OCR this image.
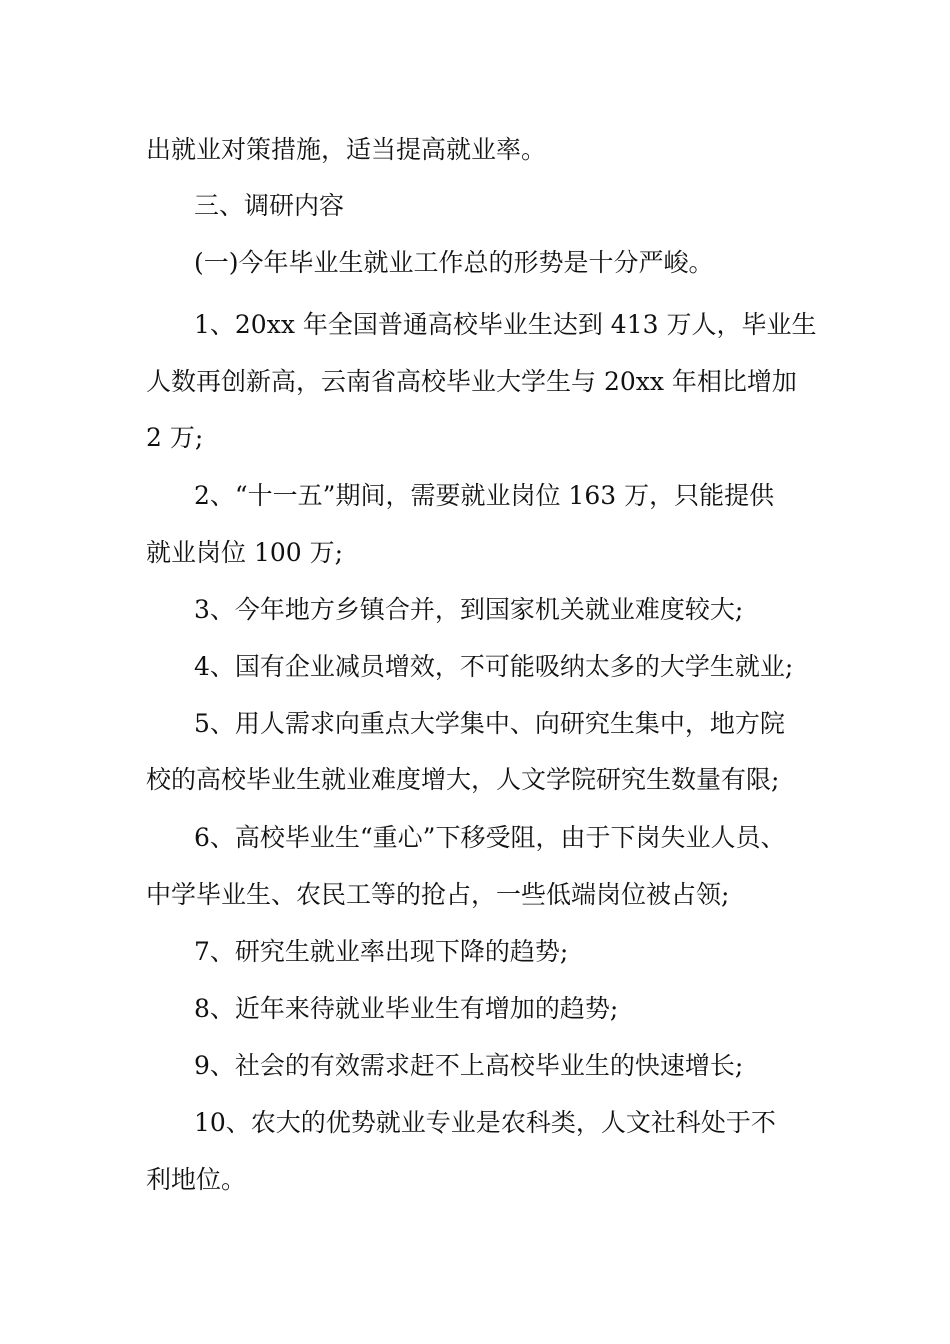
出就业对策措施，适当提高就业率。
三、调研内容
(一)今年毕业生就业工作总的形势是十分严峻。
1、20xx 年全国普通高校毕业生达到 413 万人，毕业生
人数再创新高，云南省高校毕业大学生与 20xx 年相比增加
2 万;
2、“十一五”期间，需要就业岗位 163 万，只能提供
就业岗位 100 万;
3、今年地方乡镇合并，到国家机关就业难度较大;
4、国有企业减员增效，不可能吸纳太多的大学生就业;
5、用人需求向重点大学集中、向研究生集中，地方院
校的高校毕业生就业难度增大，人文学院研究生数量有限;
6、高校毕业生“重心”下移受阻，由于下岗失业人员、
中学毕业生、农民工等的抢占，一些低端岗位被占领;
7、研究生就业率出现下降的趋势;
8、近年来待就业毕业生有增加的趋势;
9、社会的有效需求赶不上高校毕业生的快速增长;
10、农大的优势就业专业是农科类，人文社科处于不
利地位。
